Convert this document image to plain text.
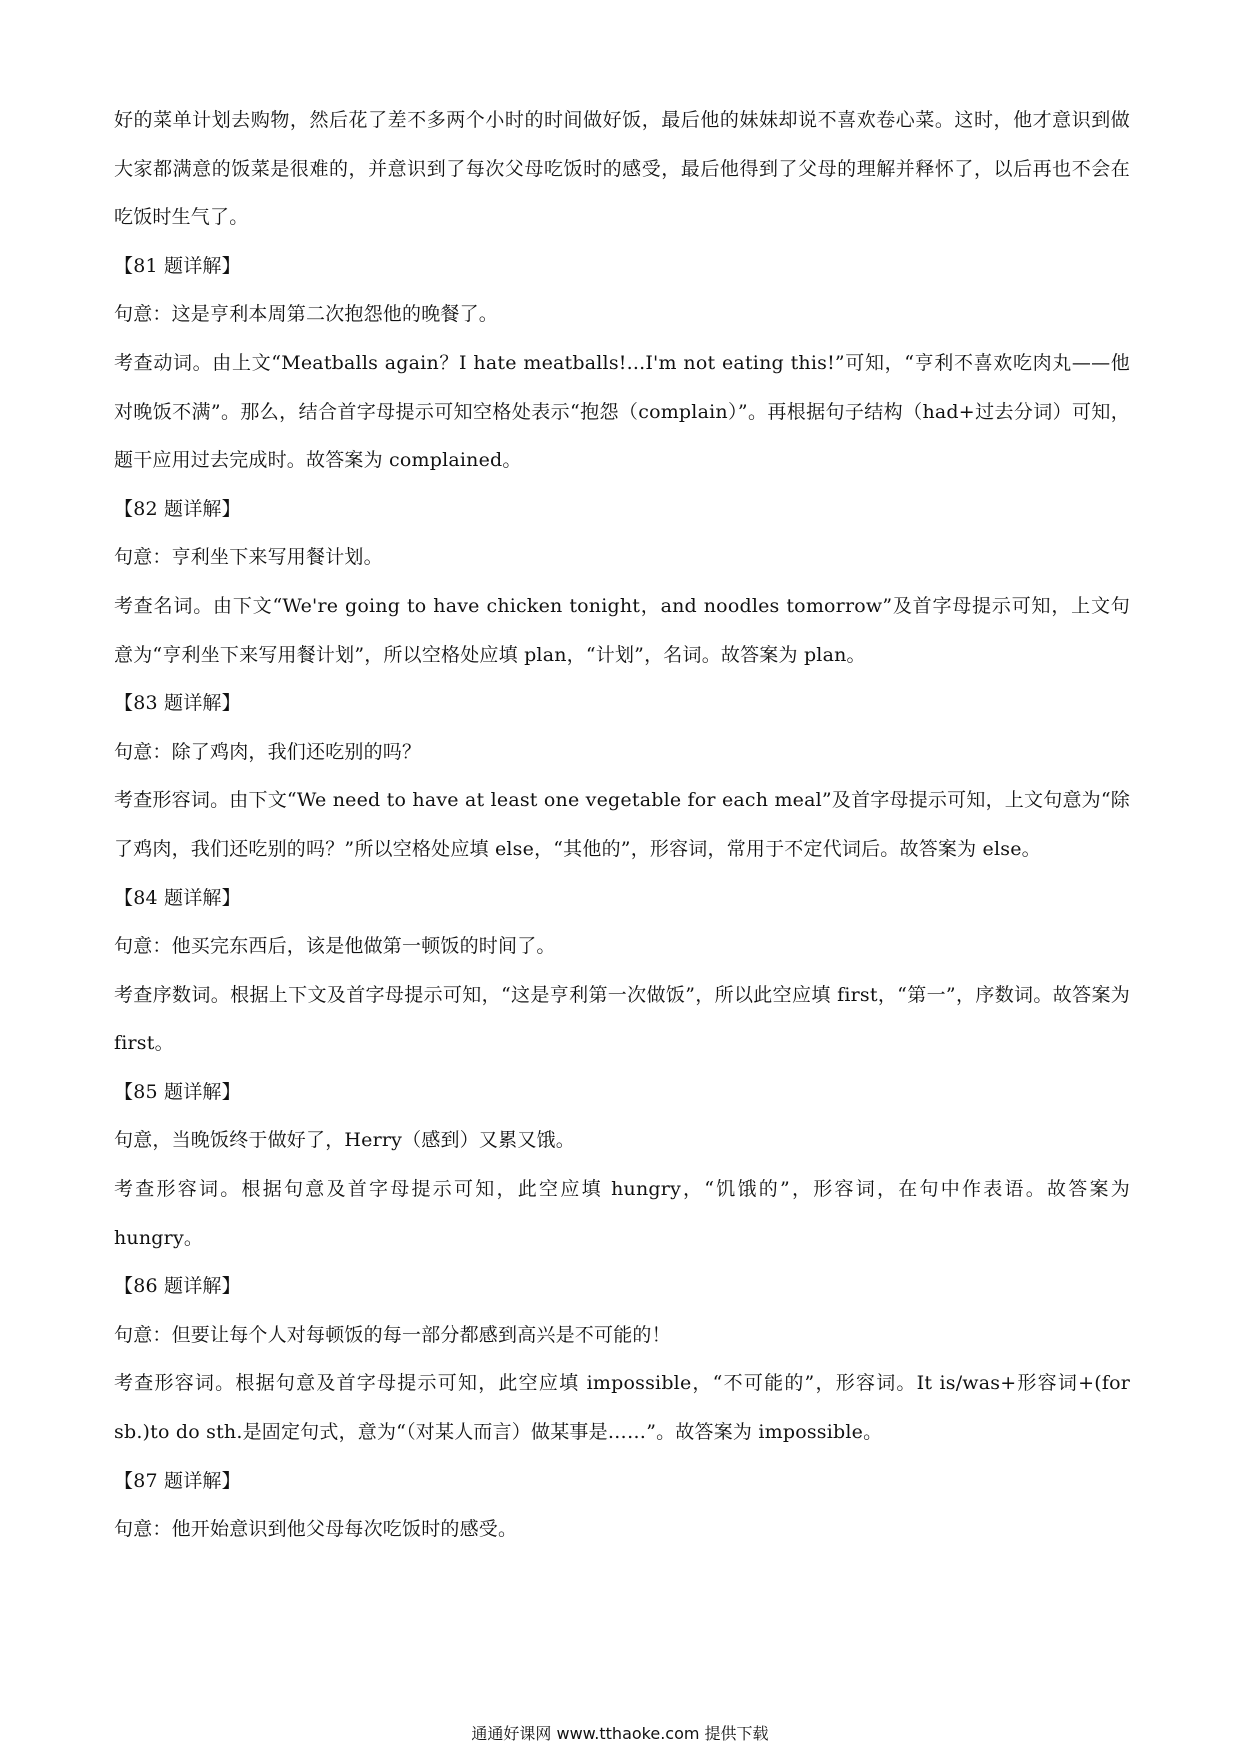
好的菜单计划去购物，然后花了差不多两个小时的时间做好饭，最后他的妹妹却说不喜欢卷心菜。这时，他才意识到做大家都满意的饭菜是很难的，并意识到了每次父母吃饭时的感受，最后他得到了父母的理解并释怀了，以后再也不会在吃饭时生气了。

【81 题详解】

句意：这是亨利本周第二次抱怨他的晚餐了。

考查动词。由上文“Meatballs again？I hate meatballs!...I'm not eating this!”可知，“亨利不喜欢吃肉丸——他对晚饭不满”。那么，结合首字母提示可知空格处表示“抱怨（complain）”。再根据句子结构（had+过去分词）可知，题干应用过去完成时。故答案为 complained。

【82 题详解】

句意：亨利坐下来写用餐计划。

考查名词。由下文“We're going to have chicken tonight，and noodles tomorrow”及首字母提示可知，上文句意为“亨利坐下来写用餐计划”，所以空格处应填 plan，“计划”，名词。故答案为 plan。

【83 题详解】

句意：除了鸡肉，我们还吃别的吗？

考查形容词。由下文“We need to have at least one vegetable for each meal”及首字母提示可知，上文句意为“除了鸡肉，我们还吃别的吗？”所以空格处应填 else，“其他的”，形容词，常用于不定代词后。故答案为 else。

【84 题详解】

句意：他买完东西后，该是他做第一顿饭的时间了。

考查序数词。根据上下文及首字母提示可知，“这是亨利第一次做饭”，所以此空应填 first，“第一”，序数词。故答案为 first。

【85 题详解】

句意，当晚饭终于做好了，Herry（感到）又累又饿。

考查形容词。根据句意及首字母提示可知，此空应填 hungry，“饥饿的”，形容词，在句中作表语。故答案为 hungry。

【86 题详解】

句意：但要让每个人对每顿饭的每一部分都感到高兴是不可能的！

考查形容词。根据句意及首字母提示可知，此空应填 impossible，“不可能的”，形容词。It is/was+形容词+(for sb.)to do sth.是固定句式，意为“（对某人而言）做某事是……”。故答案为 impossible。

【87 题详解】

句意：他开始意识到他父母每次吃饭时的感受。

通通好课网 www.tthaoke.com 提供下载
